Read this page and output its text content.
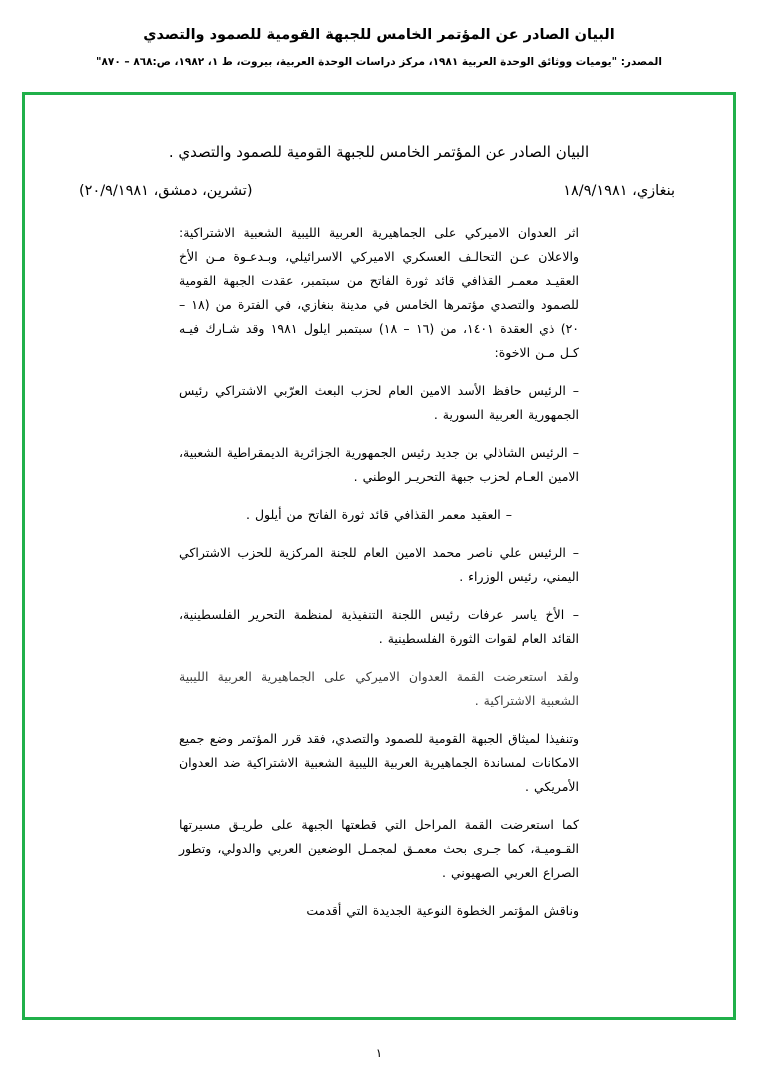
البيان الصادر عن المؤتمر الخامس للجبهة القومية للصمود والتصدي
المصدر: "يوميات ووثائق الوحدة العربية ١٩٨١، مركز دراسات الوحدة العربية، بيروت، ط ١، ١٩٨٢، ص:٨٦٨ – ٨٧٠"
البيان الصادر عن المؤتمر الخامس للجبهة القومية للصمود والتصدي .
بنغازي، ١٨/٩/١٩٨١
(تشرين، دمشق، ٢٠/٩/١٩٨١)

اثر العدوان الاميركي على الجماهيرية العربية الليبية الشعبية الاشتراكية: والاعلان عـن التحالـف العسكري الاميركي الاسرائيلي، وبـدعـوة مـن الأخ العقيـد معمـر القذافي قائد ثورة الفاتح من سبتمبر، عقدت الجبهة القومية للصمود والتصدي مؤتمرها الخامس في مدينة بنغازي، في الفترة من (١٨ – ٢٠) ذي العقدة ١٤٠١، من (١٦ – ١٨) سبتمبر ايلول ١٩٨١ وقد شـارك فيـه كـل مـن الاخوة:

– الرئيس حافظ الأسد الامين العام لحزب البعث العرّبي الاشتراكي رئيس الجمهورية العربية السورية .

– الرئيس الشاذلي بن جديد رئيس الجمهورية الجزائرية الديمقراطية الشعبية، الامين العـام لحزب جبهة التحريـر الوطني .

– العقيد معمر القذافي قائد ثورة الفاتح من أيلول .

– الرئيس علي ناصر محمد الامين العام للجنة المركزية للحزب الاشتراكي اليمني، رئيس الوزراء .

– الأخ ياسر عرفات رئيس اللجنة التنفيذية لمنظمة التحرير الفلسطينية، القائد العام لقوات الثورة الفلسطينية .

ولقد استعرضت القمة العدوان الاميركي على الجماهيرية العربية الليبية الشعبية الاشتراكية .

وتنفيذا لميثاق الجبهة القومية للصمود والتصدي، فقد قرر المؤتمر وضع جميع الامكانات لمساندة الجماهيرية العربية الليبية الشعبية الاشتراكية ضد العدوان الأمريكي .

كما استعرضت القمة المراحل التي قطعتها الجبهة على طريـق مسيرتها القـوميـة، كما جـرى بحث معمـق لمجمـل الوضعين العربي والدولي، وتطور الصراع العربي الصهيوني .

وناقش المؤتمر الخطوة النوعية الجديدة التي أقدمت

١
